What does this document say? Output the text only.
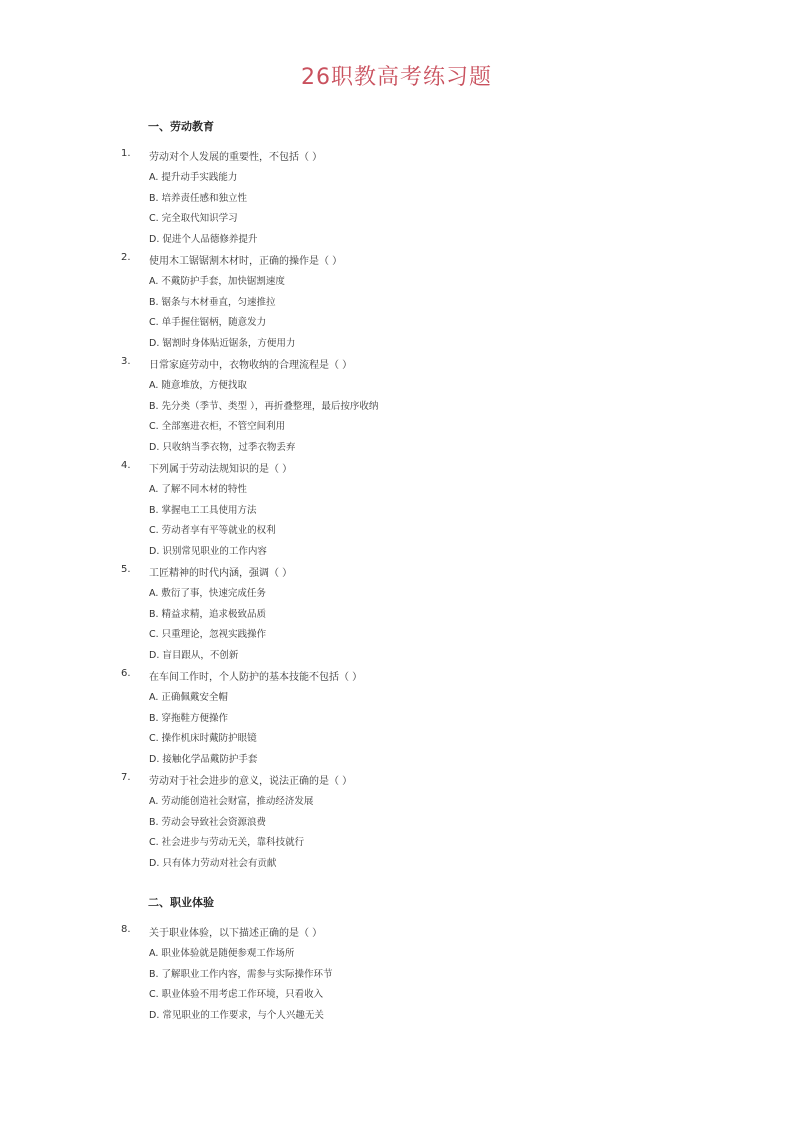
26职教高考练习题
一、劳动教育
1. 劳动对个人发展的重要性，不包括（ ）
A. 提升动手实践能力
B. 培养责任感和独立性
C. 完全取代知识学习
D. 促进个人品德修养提升
2. 使用木工锯锯割木材时，正确的操作是（ ）
A. 不戴防护手套，加快锯割速度
B. 锯条与木材垂直，匀速推拉
C. 单手握住锯柄，随意发力
D. 锯割时身体贴近锯条，方便用力
3. 日常家庭劳动中，衣物收纳的合理流程是（ ）
A. 随意堆放，方便找取
B. 先分类（季节、类型 ），再折叠整理，最后按序收纳
C. 全部塞进衣柜，不管空间利用
D. 只收纳当季衣物，过季衣物丢弃
4. 下列属于劳动法规知识的是（ ）
A. 了解不同木材的特性
B. 掌握电工工具使用方法
C. 劳动者享有平等就业的权利
D. 识别常见职业的工作内容
5. 工匠精神的时代内涵，强调（ ）
A. 敷衍了事，快速完成任务
B. 精益求精，追求极致品质
C. 只重理论，忽视实践操作
D. 盲目跟从，不创新
6. 在车间工作时，个人防护的基本技能不包括（ ）
A. 正确佩戴安全帽
B. 穿拖鞋方便操作
C. 操作机床时戴防护眼镜
D. 接触化学品戴防护手套
7. 劳动对于社会进步的意义，说法正确的是（ ）
A. 劳动能创造社会财富，推动经济发展
B. 劳动会导致社会资源浪费
C. 社会进步与劳动无关，靠科技就行
D. 只有体力劳动对社会有贡献
二、职业体验
8. 关于职业体验，以下描述正确的是（ ）
A. 职业体验就是随便参观工作场所
B. 了解职业工作内容，需参与实际操作环节
C. 职业体验不用考虑工作环境，只看收入
D. 常见职业的工作要求，与个人兴趣无关
